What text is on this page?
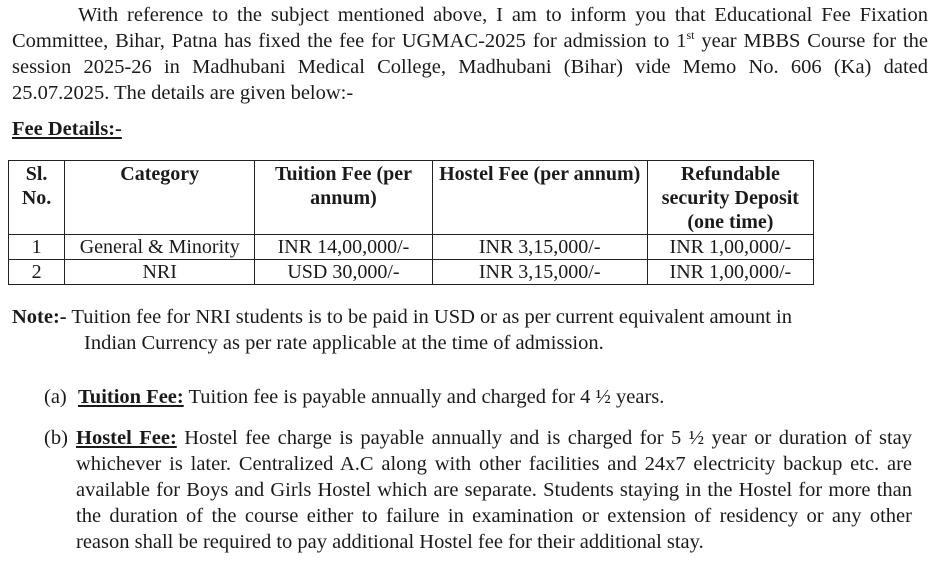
With reference to the subject mentioned above, I am to inform you that Educational Fee Fixation Committee, Bihar, Patna has fixed the fee for UGMAC-2025 for admission to 1st year MBBS Course for the session 2025-26 in Madhubani Medical College, Madhubani (Bihar) vide Memo No. 606 (Ka) dated 25.07.2025. The details are given below:-

Fee Details:-
Sl. No.	Category	Tuition Fee (per annum)	Hostel Fee (per annum)	Refundable security Deposit (one time)
1	General & Minority	INR 14,00,000/-	INR 3,15,000/-	INR 1,00,000/-
2	NRI	USD 30,000/-	INR 3,15,000/-	INR 1,00,000/-
Note:- Tuition fee for NRI students is to be paid in USD or as per current equivalent amount in
Indian Currency as per rate applicable at the time of admission.
(a) Tuition Fee: Tuition fee is payable annually and charged for 4 ½ years.
(b) Hostel Fee: Hostel fee charge is payable annually and is charged for 5 ½ year or duration of stay whichever is later. Centralized A.C along with other facilities and 24x7 electricity backup etc. are available for Boys and Girls Hostel which are separate. Students staying in the Hostel for more than the duration of the course either to failure in examination or extension of residency or any other reason shall be required to pay additional Hostel fee for their additional stay.
